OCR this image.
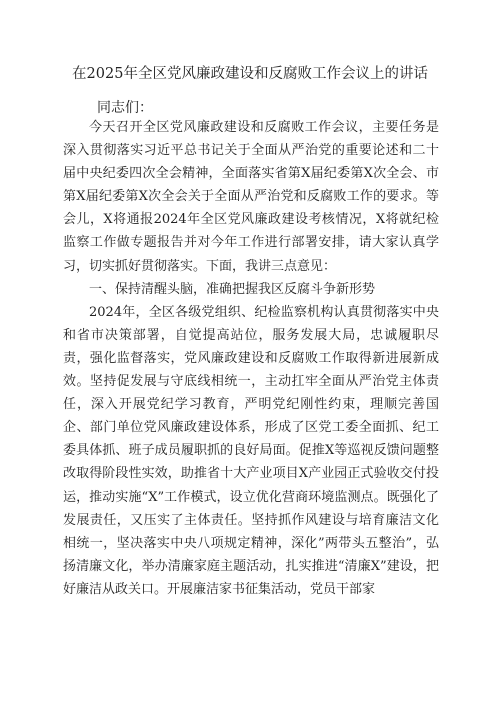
在2025年全区党风廉政建设和反腐败工作会议上的讲话
同志们：

今天召开全区党风廉政建设和反腐败工作会议，主要任务是深入贯彻落实习近平总书记关于全面从严治党的重要论述和二十届中央纪委四次全会精神，全面落实省第X届纪委第X次全会、市第X届纪委第X次全会关于全面从严治党和反腐败工作的要求。等会儿，X将通报2024年全区党风廉政建设考核情况，X将就纪检监察工作做专题报告并对今年工作进行部署安排，请大家认真学习，切实抓好贯彻落实。下面，我讲三点意见：

一、保持清醒头脑，准确把握我区反腐斗争新形势

2024年，全区各级党组织、纪检监察机构认真贯彻落实中央和省市决策部署，自觉提高站位，服务发展大局，忠诚履职尽责，强化监督落实，党风廉政建设和反腐败工作取得新进展新成效。坚持促发展与守底线相统一，主动扛牢全面从严治党主体责任，深入开展党纪学习教育，严明党纪刚性约束，理顺完善国企、部门单位党风廉政建设体系，形成了区党工委全面抓、纪工委具体抓、班子成员履职抓的良好局面。促推X等巡视反馈问题整改取得阶段性实效，助推省十大产业项目X产业园正式验收交付投运，推动实施“X”工作模式，设立优化营商环境监测点。既强化了发展责任，又压实了主体责任。坚持抓作风建设与培育廉洁文化相统一，坚决落实中央八项规定精神，深化”两带头五整治”，弘扬清廉文化，举办清廉家庭主题活动，扎实推进“清廉X”建设，把好廉洁从政关口。开展廉洁家书征集活动，党员干部家
